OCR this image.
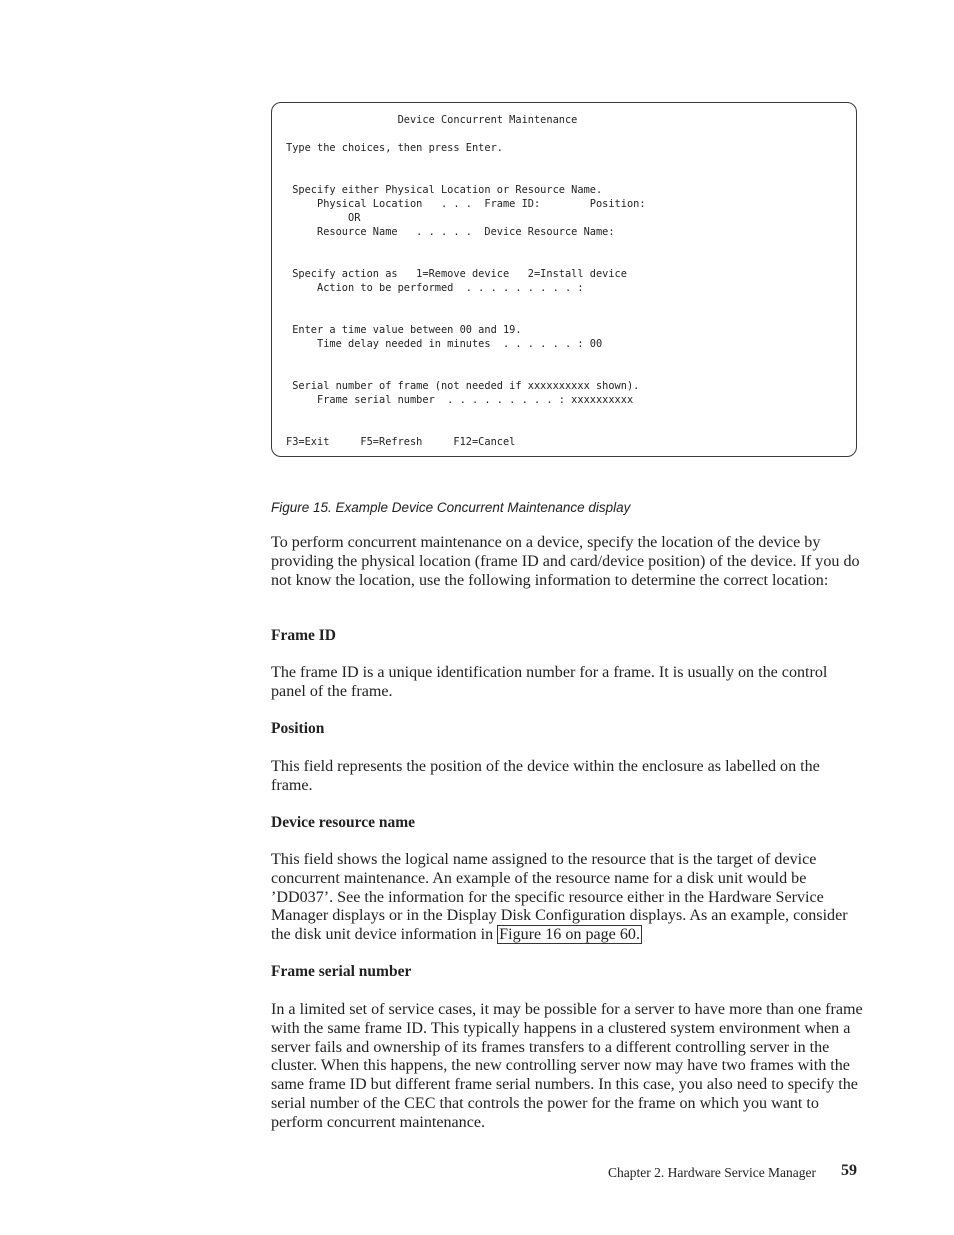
Device Concurrent Maintenance
Type the choices, then press Enter.
Specify either Physical Location or Resource Name.
Physical Location   . . .  Frame ID:        Position:
OR
Resource Name   . . . . .  Device Resource Name:
Specify action as   1=Remove device   2=Install device
Action to be performed  . . . . . . . . . :
Enter a time value between 00 and 19.
Time delay needed in minutes  . . . . . . : 00
Serial number of frame (not needed if xxxxxxxxxx shown).
Frame serial number  . . . . . . . . . : xxxxxxxxxx
F3=Exit     F5=Refresh     F12=Cancel
Figure 15. Example Device Concurrent Maintenance display

To perform concurrent maintenance on a device, specify the location of the device by providing the physical location (frame ID and card/device position) of the device. If you do not know the location, use the following information to determine the correct location:

Frame ID

The frame ID is a unique identification number for a frame. It is usually on the control panel of the frame.

Position

This field represents the position of the device within the enclosure as labelled on the frame.

Device resource name

This field shows the logical name assigned to the resource that is the target of device concurrent maintenance. An example of the resource name for a disk unit would be ’DD037’. See the information for the specific resource either in the Hardware Service Manager displays or in the Display Disk Configuration displays. As an example, consider the disk unit device information in Figure 16 on page 60.

Frame serial number

In a limited set of service cases, it may be possible for a server to have more than one frame with the same frame ID. This typically happens in a clustered system environment when a server fails and ownership of its frames transfers to a different controlling server in the cluster. When this happens, the new controlling server now may have two frames with the same frame ID but different frame serial numbers. In this case, you also need to specify the serial number of the CEC that controls the power for the frame on which you want to perform concurrent maintenance.

Chapter 2. Hardware Service Manager 59
